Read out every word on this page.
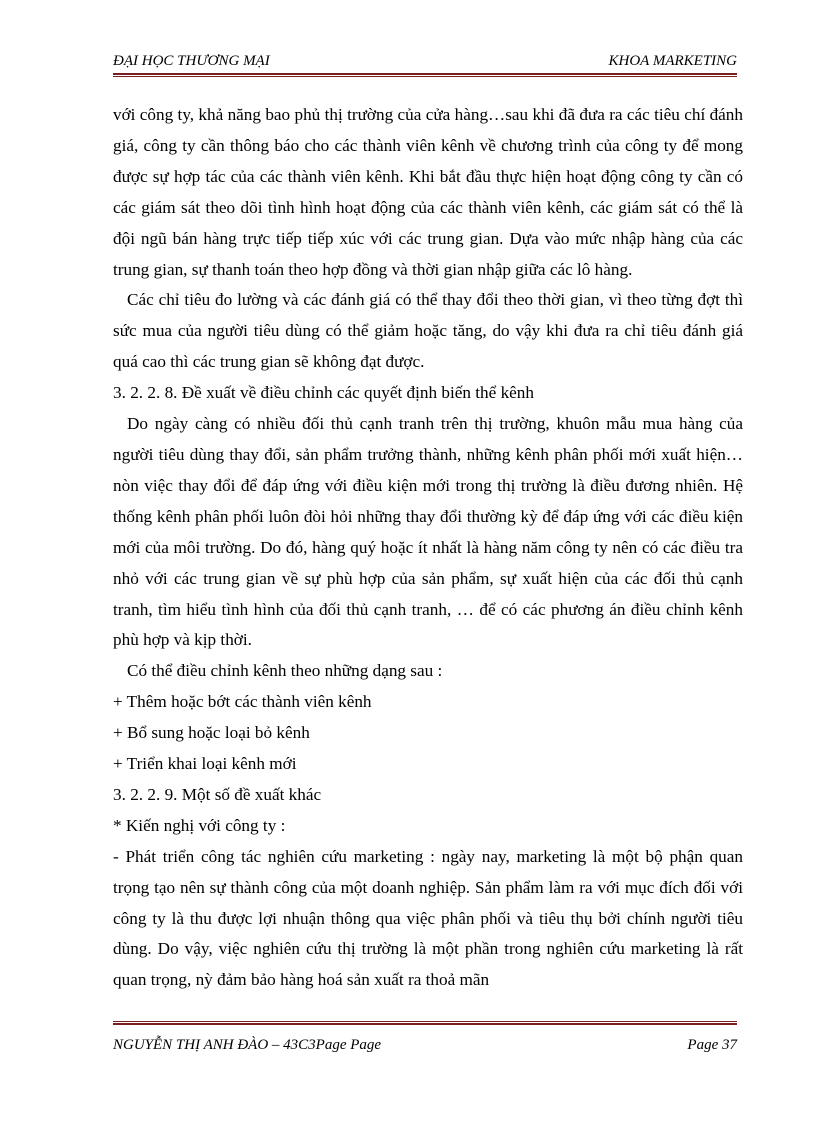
ĐẠI HỌC THƯƠNG MẠI	KHOA MARKETING

với công ty, khả năng bao phủ thị trường của cửa hàng…sau khi đã đưa ra các tiêu chí đánh giá, công ty cần thông báo cho các thành viên kênh về chương trình của công ty để mong được sự hợp tác của các thành viên kênh. Khi bắt đầu thực hiện hoạt động công ty cần có các giám sát theo dõi tình hình hoạt động của các thành viên kênh, các giám sát có thể là đội ngũ bán hàng trực tiếp tiếp xúc với các trung gian. Dựa vào mức nhập hàng của các trung gian, sự thanh toán theo hợp đồng và thời gian nhập giữa các lô hàng.

Các chỉ tiêu đo lường và các đánh giá có thể thay đổi theo thời gian, vì theo từng đợt thì sức mua của người tiêu dùng có thể giảm hoặc tăng, do vậy khi đưa ra chỉ tiêu đánh giá quá cao thì các trung gian sẽ không đạt được.

3. 2. 2. 8. Đề xuất về điều chỉnh các quyết định biến thể kênh

Do ngày càng có nhiều đối thủ cạnh tranh trên thị trường, khuôn mẫu mua hàng của người tiêu dùng thay đổi, sản phẩm trưởng thành, những kênh phân phối mới xuất hiện…nòn việc thay đổi để đáp ứng với điều kiện mới trong thị trường là điều đương nhiên. Hệ thống kênh phân phối luôn đòi hỏi những thay đổi thường kỳ để đáp ứng với các điều kiện mới của môi trường. Do đó, hàng quý hoặc ít nhất là hàng năm công ty nên có các điều tra nhỏ với các trung gian về sự phù hợp của sản phẩm, sự xuất hiện của các đối thủ cạnh tranh, tìm hiểu tình hình của đối thủ cạnh tranh, … để có các phương án điều chỉnh kênh phù hợp và kịp thời.

Có thể điều chỉnh kênh theo những dạng sau :

+ Thêm hoặc bớt các thành viên kênh

+ Bổ sung hoặc loại bỏ kênh

+ Triển khai loại kênh mới

3. 2. 2. 9. Một số đề xuất khác

* Kiến nghị với công ty :

- Phát triển công tác nghiên cứu marketing : ngày nay, marketing là một bộ phận quan trọng tạo nên sự thành công của một doanh nghiệp. Sản phẩm làm ra với mục đích đối với công ty là thu được lợi nhuận thông qua việc phân phối và tiêu thụ bởi chính người tiêu dùng. Do vậy, việc nghiên cứu thị trường là một phần trong nghiên cứu marketing là rất quan trọng, nỳ đảm bảo hàng hoá sản xuất ra thoả mãn

NGUYỄN THỊ ANH ĐÀO – 43C3Page Page	Page 37
